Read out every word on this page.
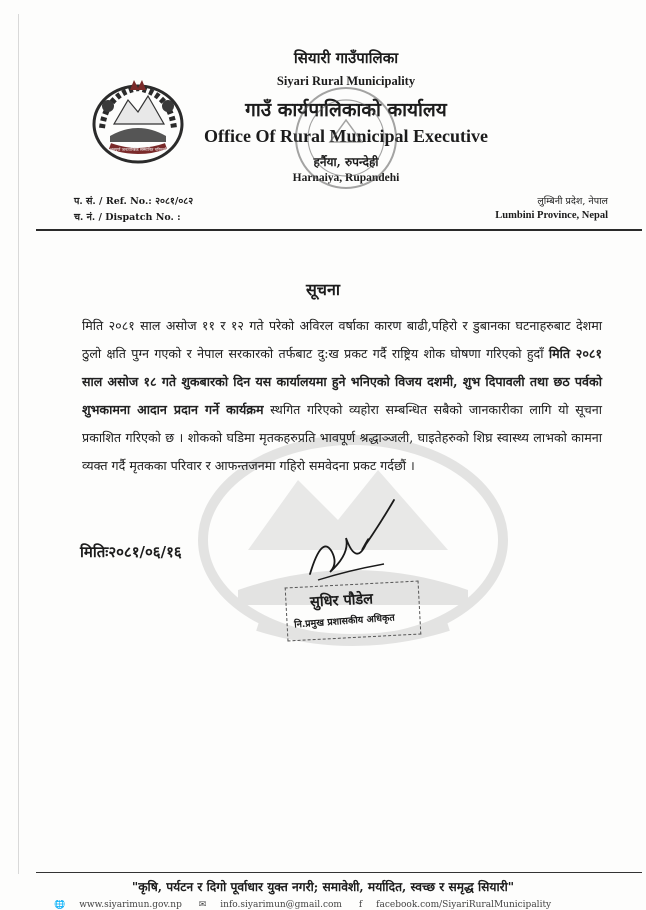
अन्नपूर्ण जनतान्त्रिक सम्मानित गरिएको
सियारी गाउँपालिका
Siyari Rural Municipality
गाउँ कार्यपालिकाको कार्यालय
Office Of Rural Municipal Executive
हर्नैया, रुपन्देही
Harnaiya, Rupandehi
प. सं. / Ref. No.: २०८१/०८२
च. नं. / Dispatch No. :
लुम्बिनी प्रदेश, नेपाल
Lumbini Province, Nepal
सूचना
मिति २०८१ साल असोज ११ र १२ गते परेको अविरल वर्षाका कारण बाढी,पहिरो र डुबानका घटनाहरुबाट देशमा ठुलो क्षति पुग्न गएको र नेपाल सरकारको तर्फबाट दु:ख प्रकट गर्दै राष्ट्रिय शोक घोषणा गरिएको हुदाँ मिति २०८१ साल असोज १८ गते शुकबारको दिन यस कार्यालयमा हुने भनिएको विजय दशमी, शुभ दिपावली तथा छठ पर्वको शुभकामना आदान प्रदान गर्ने कार्यक्रम स्थगित गरिएको व्यहोरा सम्बन्धित सबैको जानकारीका लागि यो सूचना प्रकाशित गरिएको छ । शोकको घडिमा मृतकहरुप्रति भावपूर्ण श्रद्धाञ्जली, घाइतेहरुको शिघ्र स्वास्थ्य लाभको कामना व्यक्त गर्दै मृतकका परिवार र आफन्तजनमा गहिरो समवेदना प्रकट गर्दछौं ।
मितिः२०८१/०६/१६
सुधिर पौडेल
नि.प्रमुख प्रशासकीय अधिकृत
"कृषि, पर्यटन र दिगो पूर्वाधार युक्त नगरी; समावेशी, मर्यादित, स्वच्छ र समृद्ध सियारी"
🌐 www.siyarimun.gov.np ✉ info.siyarimun@gmail.com f facebook.com/SiyariRuralMunicipality
